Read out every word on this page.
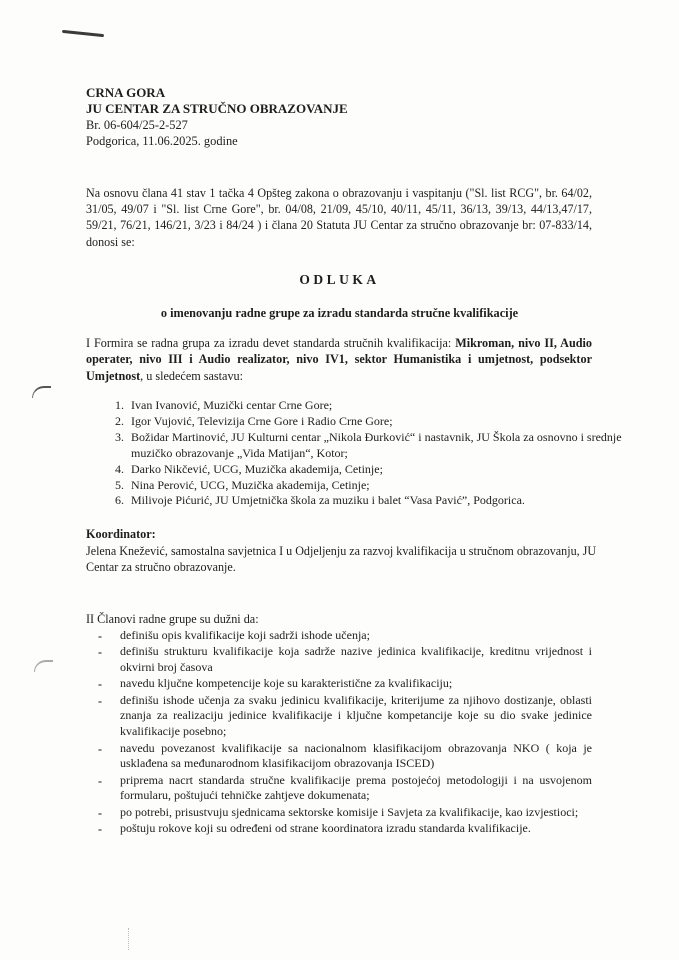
CRNA GORA
JU CENTAR ZA STRUČNO OBRAZOVANJE
Br. 06-604/25-2-527
Podgorica, 11.06.2025. godine
Na osnovu člana 41 stav 1 tačka 4 Opšteg zakona o obrazovanju i vaspitanju ("Sl. list RCG", br. 64/02, 31/05, 49/07 i "Sl. list Crne Gore", br. 04/08, 21/09, 45/10, 40/11, 45/11, 36/13, 39/13, 44/13,47/17, 59/21, 76/21, 146/21, 3/23 i 84/24 ) i člana 20 Statuta JU Centar za stručno obrazovanje br: 07-833/14, donosi se:
ODLUKA
o imenovanju radne grupe za izradu standarda stručne kvalifikacije
I Formira se radna grupa za izradu devet standarda stručnih kvalifikacija: Mikroman, nivo II, Audio operater, nivo III i Audio realizator, nivo IV1, sektor Humanistika i umjetnost, podsektor Umjetnost, u sledećem sastavu:
1. Ivan Ivanović, Muzički centar Crne Gore;
2. Igor Vujović, Televizija Crne Gore i Radio Crne Gore;
3. Božidar Martinović, JU Kulturni centar „Nikola Đurković“ i nastavnik, JU Škola za osnovno i srednje muzičko obrazovanje „Vida Matijan“, Kotor;
4. Darko Nikčević, UCG, Muzička akademija, Cetinje;
5. Nina Perović, UCG, Muzička akademija, Cetinje;
6. Milivoje Pićurić, JU Umjetnička škola za muziku i balet “Vasa Pavić”, Podgorica.
Koordinator:
Jelena Knežević, samostalna savjetnica I u Odjeljenju za razvoj kvalifikacija u stručnom obrazovanju, JU Centar za stručno obrazovanje.
II Članovi radne grupe su dužni da:
- definišu opis kvalifikacije koji sadrži ishode učenja;
- definišu strukturu kvalifikacije koja sadrže nazive jedinica kvalifikacije, kreditnu vrijednost i okvirni broj časova
- navedu ključne kompetencije koje su karakteristične za kvalifikaciju;
- definišu ishode učenja za svaku jedinicu kvalifikacije, kriterijume za njihovo dostizanje, oblasti znanja za realizaciju jedinice kvalifikacije i ključne kompetancije koje su dio svake jedinice kvalifikacije posebno;
- navedu povezanost kvalifikacije sa nacionalnom klasifikacijom obrazovanja NKO ( koja je usklađena sa međunarodnom klasifikacijom obrazovanja ISCED)
- priprema nacrt standarda stručne kvalifikacije prema postojećoj metodologiji i na usvojenom formularu, poštujući tehničke zahtjeve dokumenata;
- po potrebi, prisustvuju sjednicama sektorske komisije i Savjeta za kvalifikacije, kao izvjestioci;
- poštuju rokove koji su određeni od strane koordinatora izradu standarda kvalifikacije.
